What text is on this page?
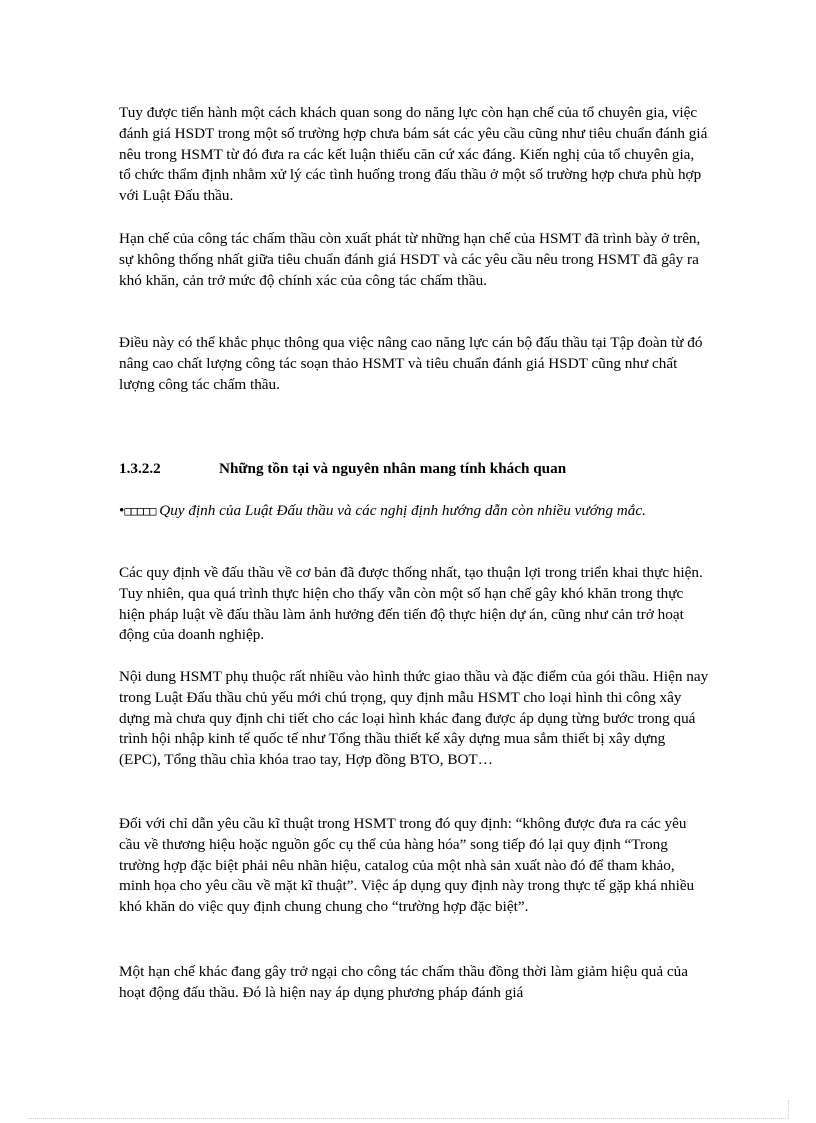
Tuy được tiến hành một cách khách quan song do năng lực còn hạn chế của tổ chuyên gia, việc đánh giá HSDT trong một số trường hợp chưa bám sát các yêu cầu cũng như tiêu chuẩn đánh giá nêu trong HSMT từ đó đưa ra các kết luận thiếu căn cứ xác đáng. Kiến nghị của tổ chuyên gia, tổ chức thẩm định nhằm xử lý các tình huống trong đấu thầu ở một số trường hợp chưa phù hợp với Luật Đấu thầu.

Hạn chế của công tác chấm thầu còn xuất phát từ những hạn chế của HSMT đã trình bày ở trên, sự không thống nhất giữa tiêu chuẩn đánh giá HSDT và các yêu cầu nêu trong HSMT đã gây ra khó khăn, cản trở mức độ chính xác của công tác chấm thầu.

Điều này có thể khắc phục thông qua việc nâng cao năng lực cán bộ đấu thầu tại Tập đoàn từ đó nâng cao chất lượng công tác soạn thảo HSMT và tiêu chuẩn đánh giá HSDT cũng như chất lượng công tác chấm thầu.

1.3.2.2	Những tồn tại và nguyên nhân mang tính khách quan
•□□□□□ Quy định của Luật Đấu thầu và các nghị định hướng dẫn còn nhiều vướng mắc.

Các quy định về đấu thầu về cơ bản đã được thống nhất, tạo thuận lợi trong triển khai thực hiện. Tuy nhiên, qua quá trình thực hiện cho thấy vẫn còn một số hạn chế gây khó khăn trong thực hiện pháp luật về đấu thầu làm ảnh hưởng đến tiến độ thực hiện dự án, cũng như cản trở hoạt động của doanh nghiệp.

Nội dung HSMT phụ thuộc rất nhiều vào hình thức giao thầu và đặc điểm của gói thầu. Hiện nay trong Luật Đấu thầu chủ yếu mới chú trọng, quy định mẫu HSMT cho loại hình thi công xây dựng mà chưa quy định chi tiết cho các loại hình khác đang được áp dụng từng bước trong quá trình hội nhập kinh tế quốc tế như Tổng thầu thiết kế xây dựng mua sắm thiết bị xây dựng (EPC), Tổng thầu chìa khóa trao tay, Hợp đồng BTO, BOT…

Đối với chỉ dẫn yêu cầu kĩ thuật trong HSMT trong đó quy định: “không được đưa ra các yêu cầu về thương hiệu hoặc nguồn gốc cụ thể của hàng hóa” song tiếp đó lại quy định “Trong trường hợp đặc biệt phải nêu nhãn hiệu, catalog của một nhà sản xuất nào đó để tham khảo, minh họa cho yêu cầu về mặt kĩ thuật”. Việc áp dụng quy định này trong thực tế gặp khá nhiều khó khăn do việc quy định chung chung cho “trường hợp đặc biệt”.

Một hạn chế khác đang gây trở ngại cho công tác chấm thầu đồng thời làm giảm hiệu quả của hoạt động đấu thầu. Đó là hiện nay áp dụng phương pháp đánh giá
